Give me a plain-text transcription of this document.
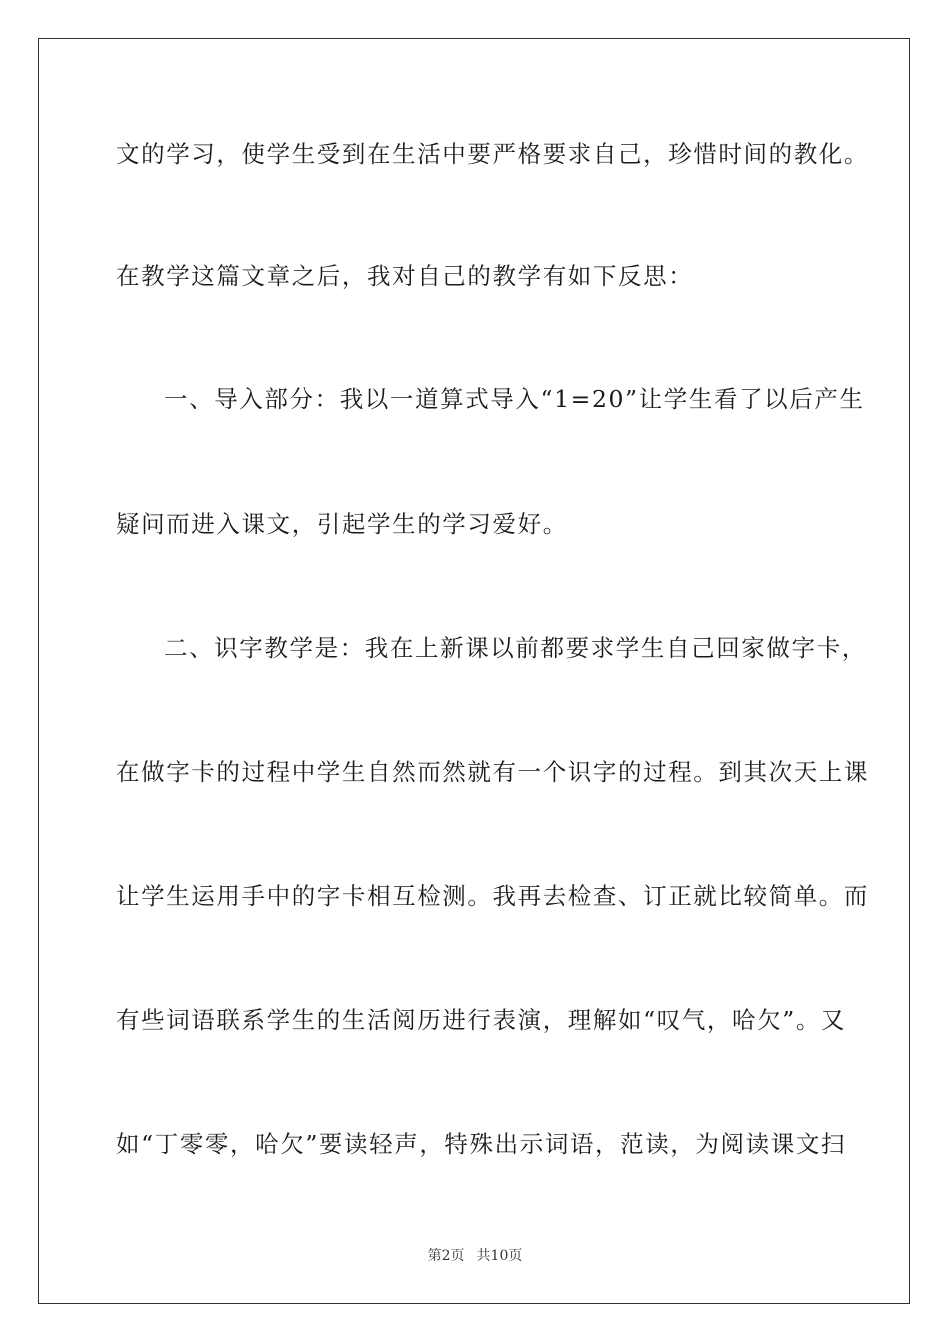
文的学习，使学生受到在生活中要严格要求自己，珍惜时间的教化。
在教学这篇文章之后，我对自己的教学有如下反思：
一、导入部分：我以一道算式导入“1=20”让学生看了以后产生
疑问而进入课文，引起学生的学习爱好。
二、识字教学是：我在上新课以前都要求学生自己回家做字卡，
在做字卡的过程中学生自然而然就有一个识字的过程。到其次天上课
让学生运用手中的字卡相互检测。我再去检查、订正就比较简单。而
有些词语联系学生的生活阅历进行表演，理解如“叹气，哈欠”。又
如“丁零零，哈欠”要读轻声，特殊出示词语，范读，为阅读课文扫
第2页 共10页
